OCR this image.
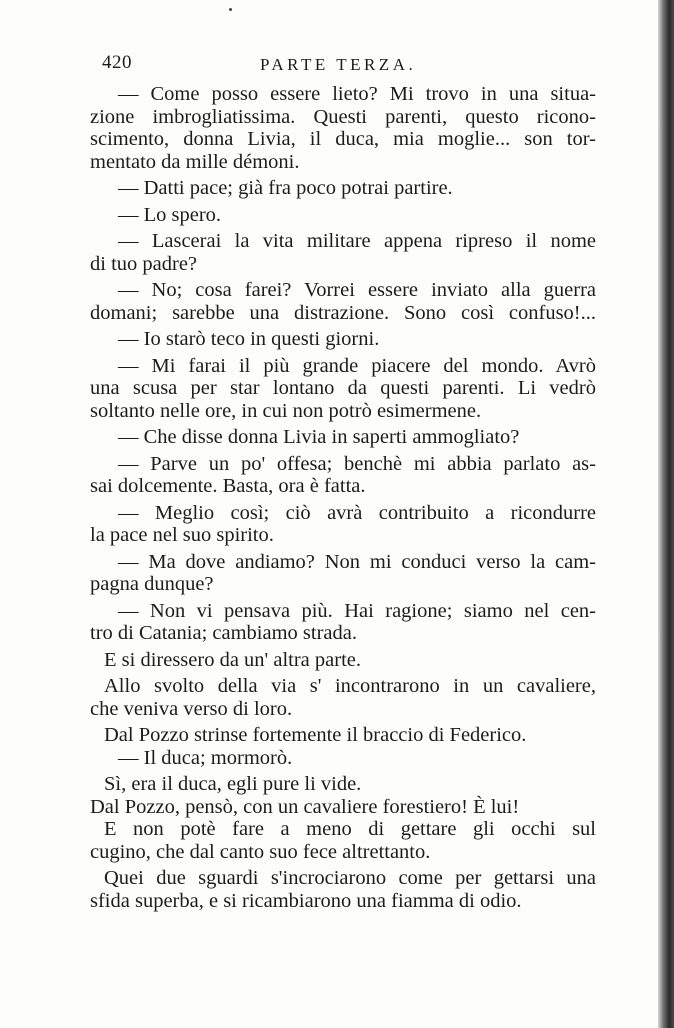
420	PARTE TERZA.
— Come posso essere lieto? Mi trovo in una situa-
zione imbrogliatissima. Questi parenti, questo ricono-
scimento, donna Livia, il duca, mia moglie... son tor-
mentato da mille démoni.
— Datti pace; già fra poco potrai partire.
— Lo spero.
— Lascerai la vita militare appena ripreso il nome
di tuo padre?
— No; cosa farei? Vorrei essere inviato alla guerra
domani; sarebbe una distrazione. Sono così confuso!...
— Io starò teco in questi giorni.
— Mi farai il più grande piacere del mondo. Avrò
una scusa per star lontano da questi parenti. Li vedrò
soltanto nelle ore, in cui non potrò esimermene.
— Che disse donna Livia in saperti ammogliato?
— Parve un po' offesa; benchè mi abbia parlato as-
sai dolcemente. Basta, ora è fatta.
— Meglio così; ciò avrà contribuito a ricondurre
la pace nel suo spirito.
— Ma dove andiamo? Non mi conduci verso la cam-
pagna dunque?
— Non vi pensava più. Hai ragione; siamo nel cen-
tro di Catania; cambiamo strada.
E si diressero da un' altra parte.
Allo svolto della via s' incontrarono in un cavaliere,
che veniva verso di loro.
Dal Pozzo strinse fortemente il braccio di Federico.
— Il duca; mormorò.
Sì, era il duca, egli pure li vide.
Dal Pozzo, pensò, con un cavaliere forestiero! È lui!
E non potè fare a meno di gettare gli occhi sul
cugino, che dal canto suo fece altrettanto.
Quei due sguardi s'incrociarono come per gettarsi una
sfida superba, e si ricambiarono una fiamma di odio.
